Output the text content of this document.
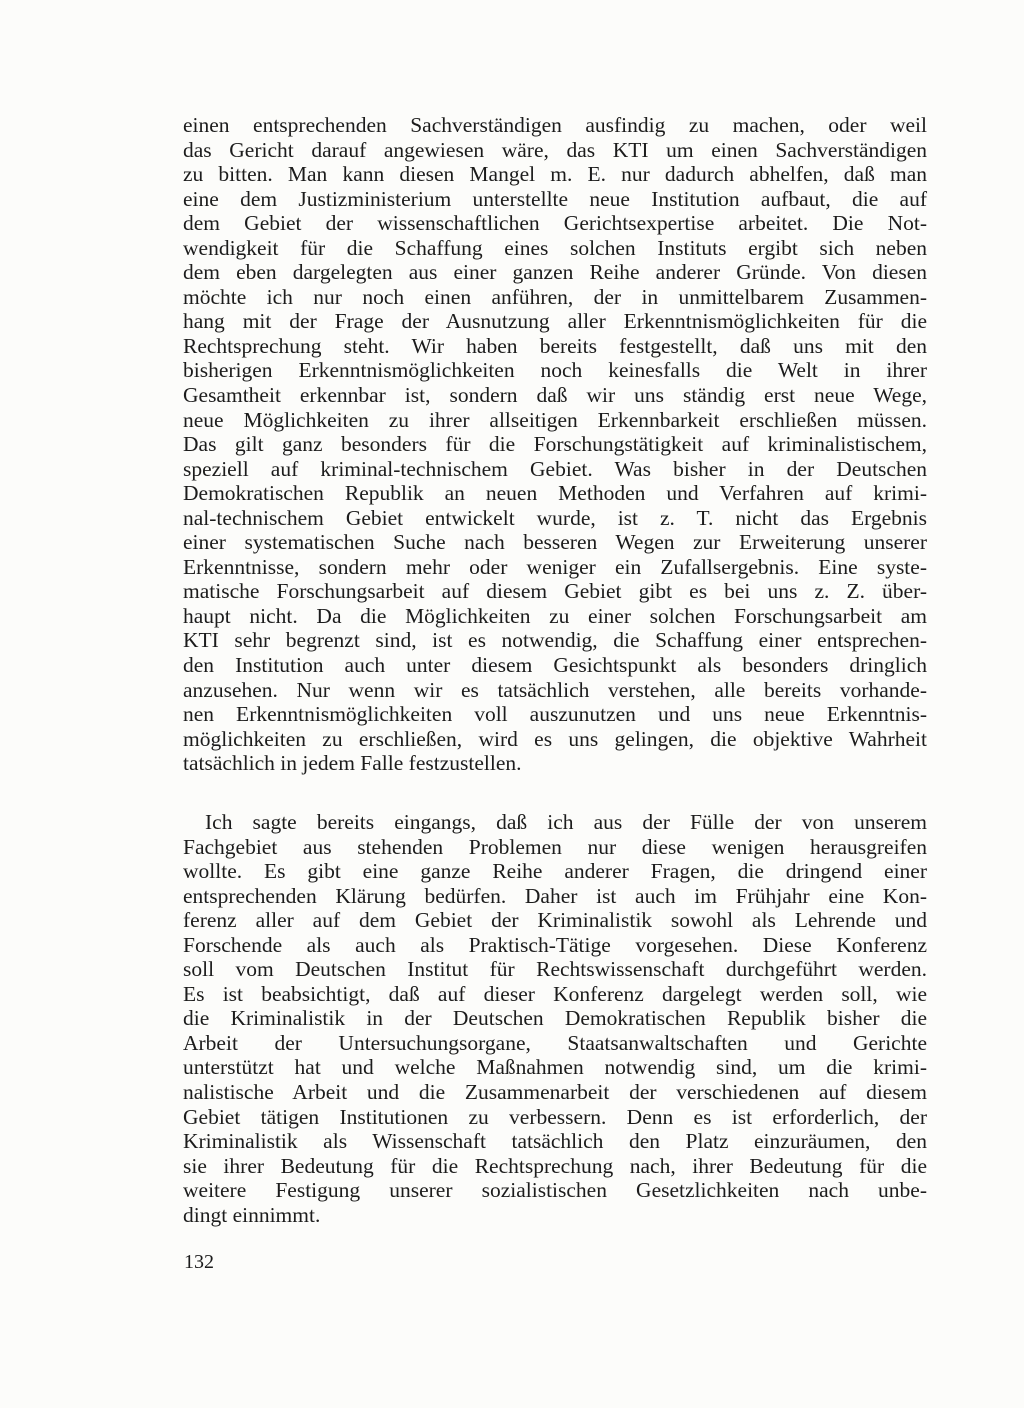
einen entsprechenden Sachverständigen ausfindig zu machen, oder weil
das Gericht darauf angewiesen wäre, das KTI um einen Sachverständigen
zu bitten. Man kann diesen Mangel m. E. nur dadurch abhelfen, daß man
eine dem Justizministerium unterstellte neue Institution aufbaut, die auf
dem Gebiet der wissenschaftlichen Gerichtsexpertise arbeitet. Die Not-
wendigkeit für die Schaffung eines solchen Instituts ergibt sich neben
dem eben dargelegten aus einer ganzen Reihe anderer Gründe. Von diesen
möchte ich nur noch einen anführen, der in unmittelbarem Zusammen-
hang mit der Frage der Ausnutzung aller Erkenntnismöglichkeiten für die
Rechtsprechung steht. Wir haben bereits festgestellt, daß uns mit den
bisherigen Erkenntnismöglichkeiten noch keinesfalls die Welt in ihrer
Gesamtheit erkennbar ist, sondern daß wir uns ständig erst neue Wege,
neue Möglichkeiten zu ihrer allseitigen Erkennbarkeit erschließen müssen.
Das gilt ganz besonders für die Forschungstätigkeit auf kriminalistischem,
speziell auf kriminal-technischem Gebiet. Was bisher in der Deutschen
Demokratischen Republik an neuen Methoden und Verfahren auf krimi-
nal-technischem Gebiet entwickelt wurde, ist z. T. nicht das Ergebnis
einer systematischen Suche nach besseren Wegen zur Erweiterung unserer
Erkenntnisse, sondern mehr oder weniger ein Zufallsergebnis. Eine syste-
matische Forschungsarbeit auf diesem Gebiet gibt es bei uns z. Z. über-
haupt nicht. Da die Möglichkeiten zu einer solchen Forschungsarbeit am
KTI sehr begrenzt sind, ist es notwendig, die Schaffung einer entsprechen-
den Institution auch unter diesem Gesichtspunkt als besonders dringlich
anzusehen. Nur wenn wir es tatsächlich verstehen, alle bereits vorhande-
nen Erkenntnismöglichkeiten voll auszunutzen und uns neue Erkenntnis-
möglichkeiten zu erschließen, wird es uns gelingen, die objektive Wahrheit
tatsächlich in jedem Falle festzustellen.
Ich sagte bereits eingangs, daß ich aus der Fülle der von unserem
Fachgebiet aus stehenden Problemen nur diese wenigen herausgreifen
wollte. Es gibt eine ganze Reihe anderer Fragen, die dringend einer
entsprechenden Klärung bedürfen. Daher ist auch im Frühjahr eine Kon-
ferenz aller auf dem Gebiet der Kriminalistik sowohl als Lehrende und
Forschende als auch als Praktisch-Tätige vorgesehen. Diese Konferenz
soll vom Deutschen Institut für Rechtswissenschaft durchgeführt werden.
Es ist beabsichtigt, daß auf dieser Konferenz dargelegt werden soll, wie
die Kriminalistik in der Deutschen Demokratischen Republik bisher die
Arbeit der Untersuchungsorgane, Staatsanwaltschaften und Gerichte
unterstützt hat und welche Maßnahmen notwendig sind, um die krimi-
nalistische Arbeit und die Zusammenarbeit der verschiedenen auf diesem
Gebiet tätigen Institutionen zu verbessern. Denn es ist erforderlich, der
Kriminalistik als Wissenschaft tatsächlich den Platz einzuräumen, den
sie ihrer Bedeutung für die Rechtsprechung nach, ihrer Bedeutung für die
weitere Festigung unserer sozialistischen Gesetzlichkeiten nach unbe-
dingt einnimmt.
132
